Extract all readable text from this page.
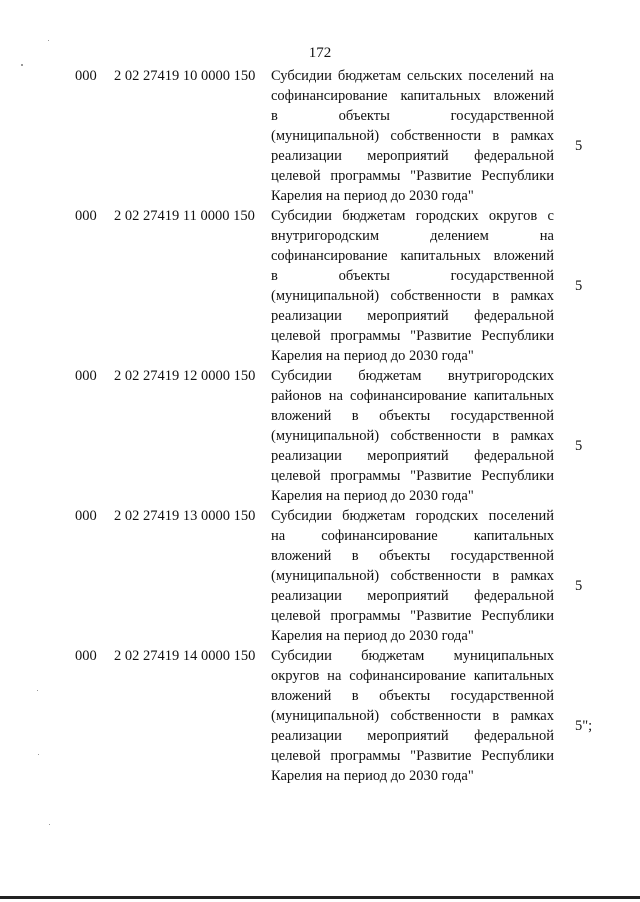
172
000 2 02 27419 10 0000 150 Субсидии бюджетам сельских поселений на
софинансирование капитальных вложений
в объекты государственной
(муниципальной) собственности в рамках
реализации мероприятий федеральной
целевой программы "Развитие Республики
Карелия на период до 2030 года"
5
000 2 02 27419 11 0000 150 Субсидии бюджетам городских округов с
внутригородским делением на
софинансирование капитальных вложений
в объекты государственной
(муниципальной) собственности в рамках
реализации мероприятий федеральной
целевой программы "Развитие Республики
Карелия на период до 2030 года"
5
000 2 02 27419 12 0000 150 Субсидии бюджетам внутригородских
районов на софинансирование капитальных
вложений в объекты государственной
(муниципальной) собственности в рамках
реализации мероприятий федеральной
целевой программы "Развитие Республики
Карелия на период до 2030 года"
5
000 2 02 27419 13 0000 150 Субсидии бюджетам городских поселений
на софинансирование капитальных
вложений в объекты государственной
(муниципальной) собственности в рамках
реализации мероприятий федеральной
целевой программы "Развитие Республики
Карелия на период до 2030 года"
5
000 2 02 27419 14 0000 150 Субсидии бюджетам муниципальных
округов на софинансирование капитальных
вложений в объекты государственной
(муниципальной) собственности в рамках
реализации мероприятий федеральной
целевой программы "Развитие Республики
Карелия на период до 2030 года"
5";
